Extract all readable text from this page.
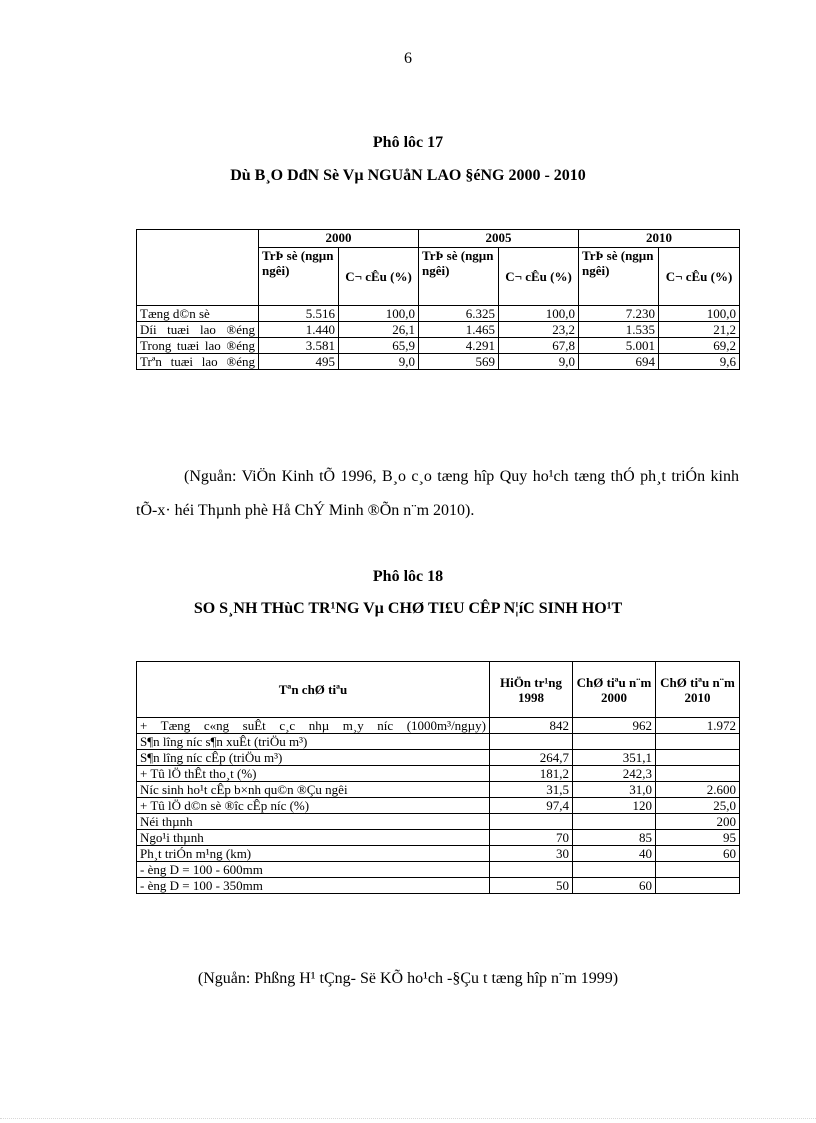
6
Phô lôc 17
Dù B¸O DđN Sè Vµ NGUåN LAO §éNG 2000 - 2010
	2000		2005		2010	
	TrÞ sè (ngµn ngêi)	C¬ cÊu (%)	TrÞ sè (ngµn ngêi)	C¬ cÊu (%)	TrÞ sè (ngµn ngêi)	C¬ cÊu (%)
Tæng d©n sè	5.516	100,0	6.325	100,0	7.230	100,0
Díi tuæi lao ®éng	1.440	26,1	1.465	23,2	1.535	21,2
Trong tuæi lao ®éng	3.581	65,9	4.291	67,8	5.001	69,2
Trªn tuæi lao ®éng	495	9,0	569	9,0	694	9,6
(Nguån: ViÖn Kinh tÕ 1996, B¸o c¸o tæng hîp Quy ho¹ch tæng thÓ ph¸t triÓn kinh tÕ-x· héi Thµnh phè Hå ChÝ Minh ®Õn n¨m 2010).
Phô lôc 18
SO S¸NH THùC TR¹NG Vµ CHØ TI£U CÊP N¦íC SINH HO¹T
Tªn chØ tiªu	HiÖn tr¹ng 1998	ChØ tiªu n¨m 2000	ChØ tiªu n¨m 2010
+ Tæng c«ng suÊt c¸c nhµ m¸y níc (1000m³/ngµy)	842	962	1.972
S¶n lîng níc s¶n xuÊt (triÖu m³)			
S¶n lîng níc cÊp (triÖu m³)	264,7	351,1	
+ Tû lÖ thÊt tho¸t (%)	181,2	242,3	
Níc sinh ho¹t cÊp b×nh qu©n ®Çu ngêi	31,5	31,0	2.600
+ Tû lÖ d©n sè ®îc cÊp níc (%)	97,4	120	25,0
Néi thµnh			200
Ngo¹i thµnh	70	85	95
Ph¸t triÓn m¹ng (km)	30	40	60
- èng D = 100 - 600mm			
- èng D = 100 - 350mm	50	60	
(Nguån: Phßng H¹ tÇng- Së KÕ ho¹ch -§Çu t tæng hîp n¨m 1999)
